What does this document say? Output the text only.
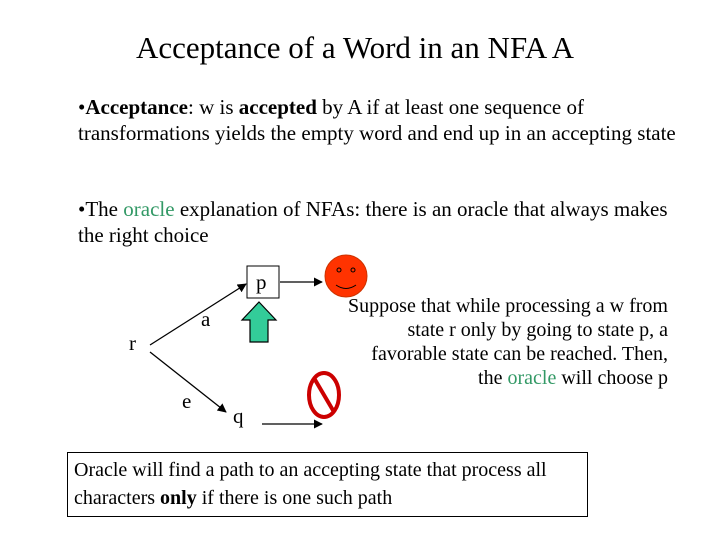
Acceptance of a Word in an NFA A
•Acceptance: w is accepted by A if at least one sequence of transformations yields the empty word and end up in an accepting state
•The oracle explanation of NFAs: there is an oracle that always makes the right choice
r
p
q
a
e
Suppose that while processing a w from state r only by going to state p, a favorable state can be reached. Then, the oracle will choose p
Oracle will find a path to an accepting state that process all characters only if there is one such path
